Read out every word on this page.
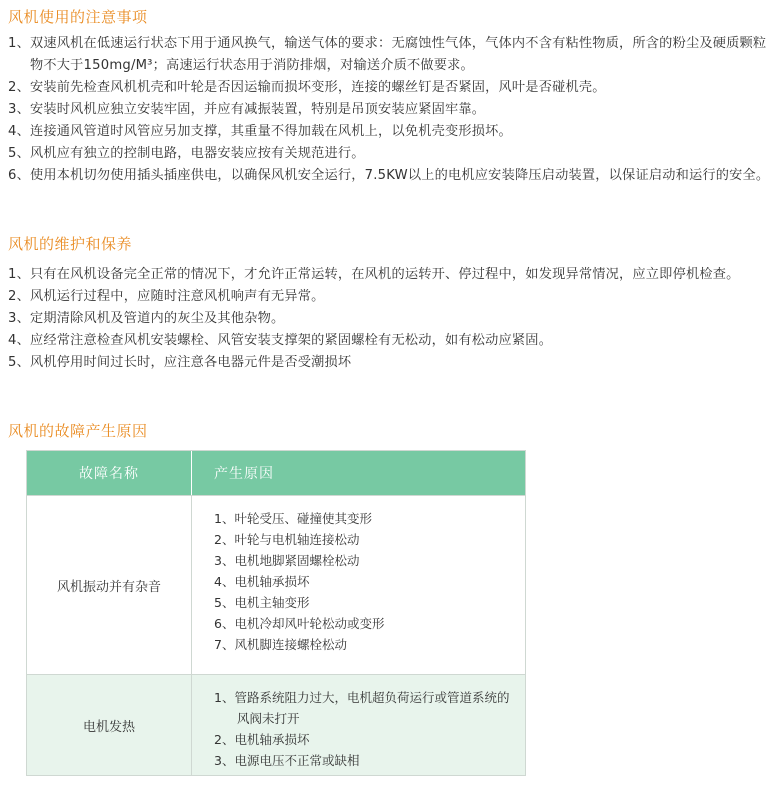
风机使用的注意事项
1、双速风机在低速运行状态下用于通风换气，输送气体的要求：无腐蚀性气体，气体内不含有粘性物质，所含的粉尘及硬质颗粒物不大于150mg/M³；高速运行状态用于消防排烟，对输送介质不做要求。
2、安装前先检查风机机壳和叶轮是否因运输而损坏变形，连接的螺丝钉是否紧固，风叶是否碰机壳。
3、安装时风机应独立安装牢固，并应有减振装置，特别是吊顶安装应紧固牢靠。
4、连接通风管道时风管应另加支撑，其重量不得加载在风机上，以免机壳变形损坏。
5、风机应有独立的控制电路，电器安装应按有关规范进行。
6、使用本机切勿使用插头插座供电，以确保风机安全运行，7.5KW以上的电机应安装降压启动装置，以保证启动和运行的安全。
风机的维护和保养
1、只有在风机设备完全正常的情况下，才允许正常运转，在风机的运转开、停过程中，如发现异常情况，应立即停机检查。
2、风机运行过程中，应随时注意风机响声有无异常。
3、定期清除风机及管道内的灰尘及其他杂物。
4、应经常注意检查风机安装螺栓、风管安装支撑架的紧固螺栓有无松动，如有松动应紧固。
5、风机停用时间过长时，应注意各电器元件是否受潮损坏
风机的故障产生原因
故障名称	产生原因
风机振动并有杂音
1、叶轮受压、碰撞使其变形
2、叶轮与电机轴连接松动
3、电机地脚紧固螺栓松动
4、电机轴承损坏
5、电机主轴变形
6、电机冷却风叶轮松动或变形
7、风机脚连接螺栓松动
电机发热
1、管路系统阻力过大，电机超负荷运行或管道系统的风阀未打开
2、电机轴承损坏
3、电源电压不正常或缺相
